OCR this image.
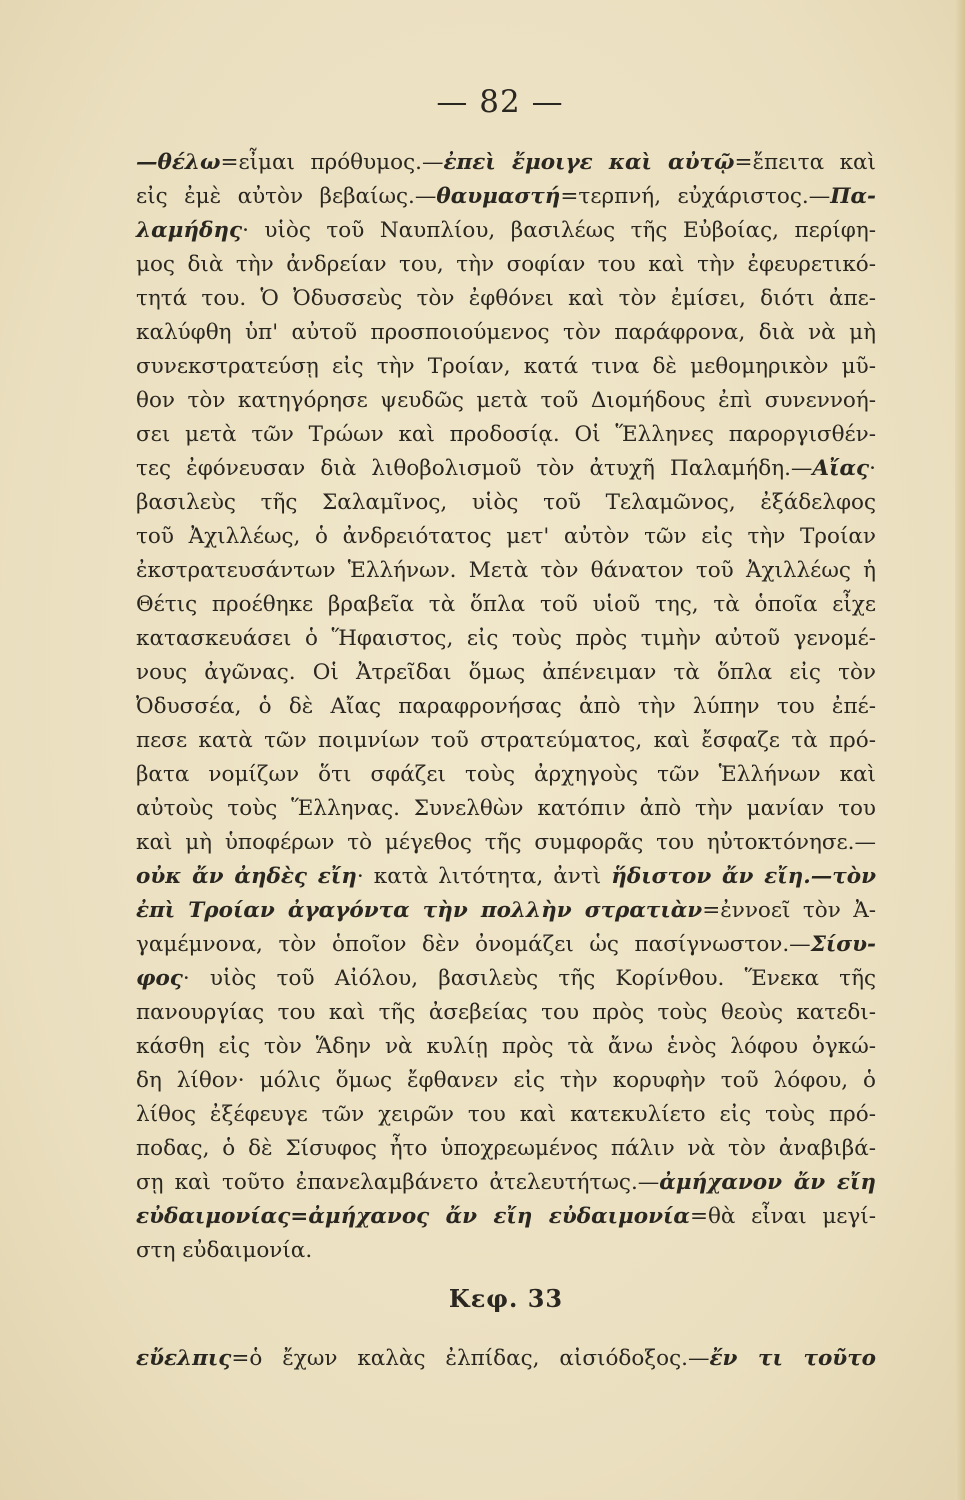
— 82 —
—θέλω=εἶμαι πρόθυμος.—ἐπεὶ ἔμοιγε καὶ αὐτῷ=ἔπειτα καὶ
εἰς ἐμὲ αὐτὸν βεβαίως.—θαυμαστή=τερπνή, εὐχάριστος.—Πα-
λαμήδης· υἱὸς τοῦ Ναυπλίου, βασιλέως τῆς Εὐβοίας, περίφη-
μος διὰ τὴν ἀνδρείαν του, τὴν σοφίαν του καὶ τὴν ἐφευρετικό-
τητά του. Ὁ Ὀδυσσεὺς τὸν ἐφθόνει καὶ τὸν ἐμίσει, διότι ἀπε-
καλύφθη ὑπ' αὐτοῦ προσποιούμενος τὸν παράφρονα, διὰ νὰ μὴ
συνεκστρατεύσῃ εἰς τὴν Τροίαν, κατά τινα δὲ μεθομηρικὸν μῦ-
θον τὸν κατηγόρησε ψευδῶς μετὰ τοῦ Διομήδους ἐπὶ συνεννοή-
σει μετὰ τῶν Τρώων καὶ προδοσίᾳ. Οἱ Ἕλληνες παροργισθέν-
τες ἐφόνευσαν διὰ λιθοβολισμοῦ τὸν ἀτυχῆ Παλαμήδη.—Αἴας·
βασιλεὺς τῆς Σαλαμῖνος, υἱὸς τοῦ Τελαμῶνος, ἐξάδελφος
τοῦ Ἀχιλλέως, ὁ ἀνδρειότατος μετ' αὐτὸν τῶν εἰς τὴν Τροίαν
ἐκστρατευσάντων Ἑλλήνων. Μετὰ τὸν θάνατον τοῦ Ἀχιλλέως ἡ
Θέτις προέθηκε βραβεῖα τὰ ὅπλα τοῦ υἱοῦ της, τὰ ὁποῖα εἶχε
κατασκευάσει ὁ Ἥφαιστος, εἰς τοὺς πρὸς τιμὴν αὐτοῦ γενομέ-
νους ἀγῶνας. Οἱ Ἀτρεῖδαι ὅμως ἀπένειμαν τὰ ὅπλα εἰς τὸν
Ὀδυσσέα, ὁ δὲ Αἴας παραφρονήσας ἀπὸ τὴν λύπην του ἐπέ-
πεσε κατὰ τῶν ποιμνίων τοῦ στρατεύματος, καὶ ἔσφαζε τὰ πρό-
βατα νομίζων ὅτι σφάζει τοὺς ἀρχηγοὺς τῶν Ἑλλήνων καὶ
αὐτοὺς τοὺς Ἕλληνας. Συνελθὼν κατόπιν ἀπὸ τὴν μανίαν του
καὶ μὴ ὑποφέρων τὸ μέγεθος τῆς συμφορᾶς του ηὐτοκτόνησε.—
οὐκ ἄν ἀηδὲς εἴη· κατὰ λιτότητα, ἀντὶ ἥδιστον ἄν εἴη.—τὸν
ἐπὶ Τροίαν ἀγαγόντα τὴν πολλὴν στρατιὰν=ἐννοεῖ τὸν Ἀ-
γαμέμνονα, τὸν ὁποῖον δὲν ὀνομάζει ὡς πασίγνωστον.—Σίσυ-
φος· υἱὸς τοῦ Αἰόλου, βασιλεὺς τῆς Κορίνθου. Ἕνεκα τῆς
πανουργίας του καὶ τῆς ἀσεβείας του πρὸς τοὺς θεοὺς κατεδι-
κάσθη εἰς τὸν Ἅδην νὰ κυλίῃ πρὸς τὰ ἄνω ἑνὸς λόφου ὀγκώ-
δη λίθον· μόλις ὅμως ἔφθανεν εἰς τὴν κορυφὴν τοῦ λόφου, ὁ
λίθος ἐξέφευγε τῶν χειρῶν του καὶ κατεκυλίετο εἰς τοὺς πρό-
ποδας, ὁ δὲ Σίσυφος ἦτο ὑποχρεωμένος πάλιν νὰ τὸν ἀναβιβά-
σῃ καὶ τοῦτο ἐπανελαμβάνετο ἀτελευτήτως.—ἀμήχανον ἄν εἴη
εὐδαιμονίας=ἀμήχανος ἄν εἴη εὐδαιμονία=θὰ εἶναι μεγί-
στη εὐδαιμονία.
Κεφ. 33
εὔελπις=ὁ ἔχων καλὰς ἐλπίδας, αἰσιόδοξος.—ἔν τι τοῦτο
